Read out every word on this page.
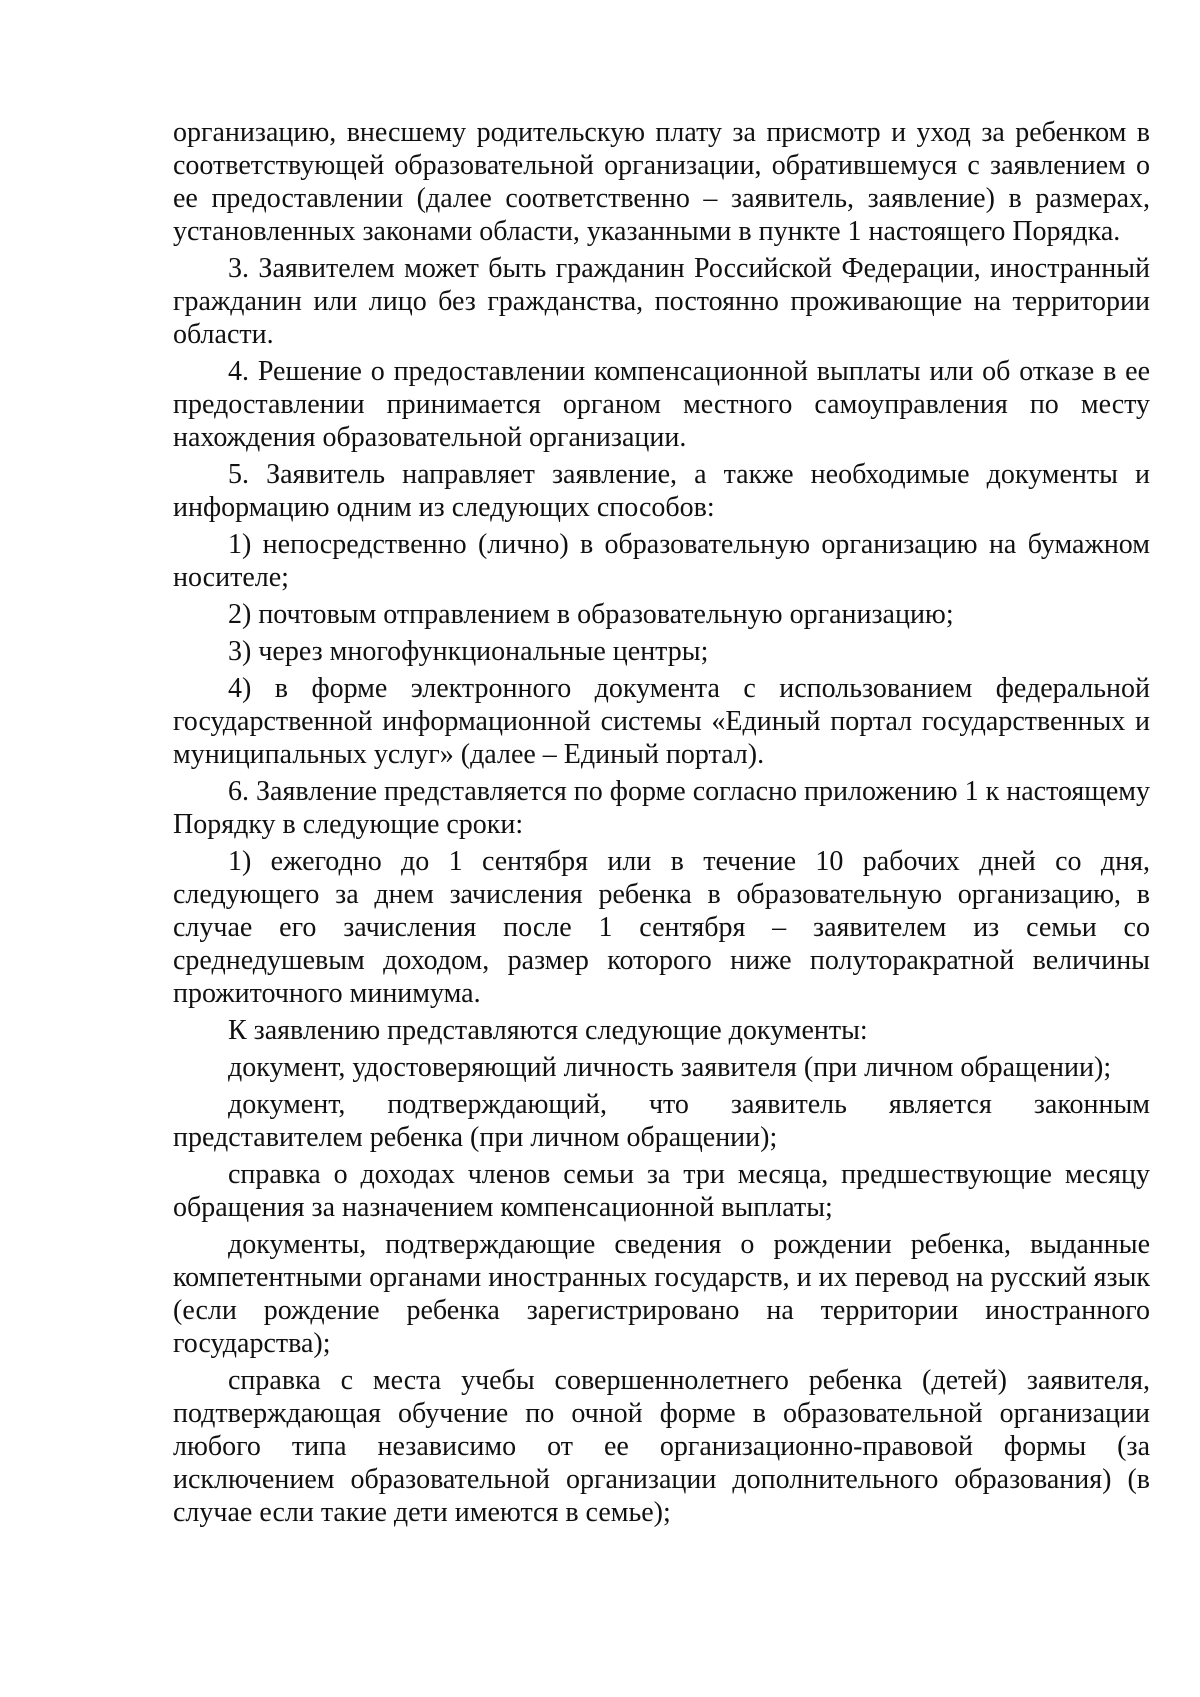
организацию, внесшему родительскую плату за присмотр и уход за ребенком в соответствующей образовательной организации, обратившемуся с заявлением о ее предоставлении (далее соответственно – заявитель, заявление) в размерах, установленных законами области, указанными в пункте 1 настоящего Порядка.

3. Заявителем может быть гражданин Российской Федерации, иностранный гражданин или лицо без гражданства, постоянно проживающие на территории области.

4. Решение о предоставлении компенсационной выплаты или об отказе в ее предоставлении принимается органом местного самоуправления по месту нахождения образовательной организации.

5. Заявитель направляет заявление, а также необходимые документы и информацию одним из следующих способов:

1) непосредственно (лично) в образовательную организацию на бумажном носителе;

2) почтовым отправлением в образовательную организацию;

3) через многофункциональные центры;

4) в форме электронного документа с использованием федеральной государственной информационной системы «Единый портал государственных и муниципальных услуг» (далее – Единый портал).

6. Заявление представляется по форме согласно приложению 1 к настоящему Порядку в следующие сроки:

1) ежегодно до 1 сентября или в течение 10 рабочих дней со дня, следующего за днем зачисления ребенка в образовательную организацию, в случае его зачисления после 1 сентября – заявителем из семьи со среднедушевым доходом, размер которого ниже полуторакратной величины прожиточного минимума.

К заявлению представляются следующие документы:

документ, удостоверяющий личность заявителя (при личном обращении);

документ, подтверждающий, что заявитель является законным представителем ребенка (при личном обращении);

справка о доходах членов семьи за три месяца, предшествующие месяцу обращения за назначением компенсационной выплаты;

документы, подтверждающие сведения о рождении ребенка, выданные компетентными органами иностранных государств, и их перевод на русский язык (если рождение ребенка зарегистрировано на территории иностранного государства);

справка с места учебы совершеннолетнего ребенка (детей) заявителя, подтверждающая обучение по очной форме в образовательной организации любого типа независимо от ее организационно-правовой формы (за исключением образовательной организации дополнительного образования) (в случае если такие дети имеются в семье);
